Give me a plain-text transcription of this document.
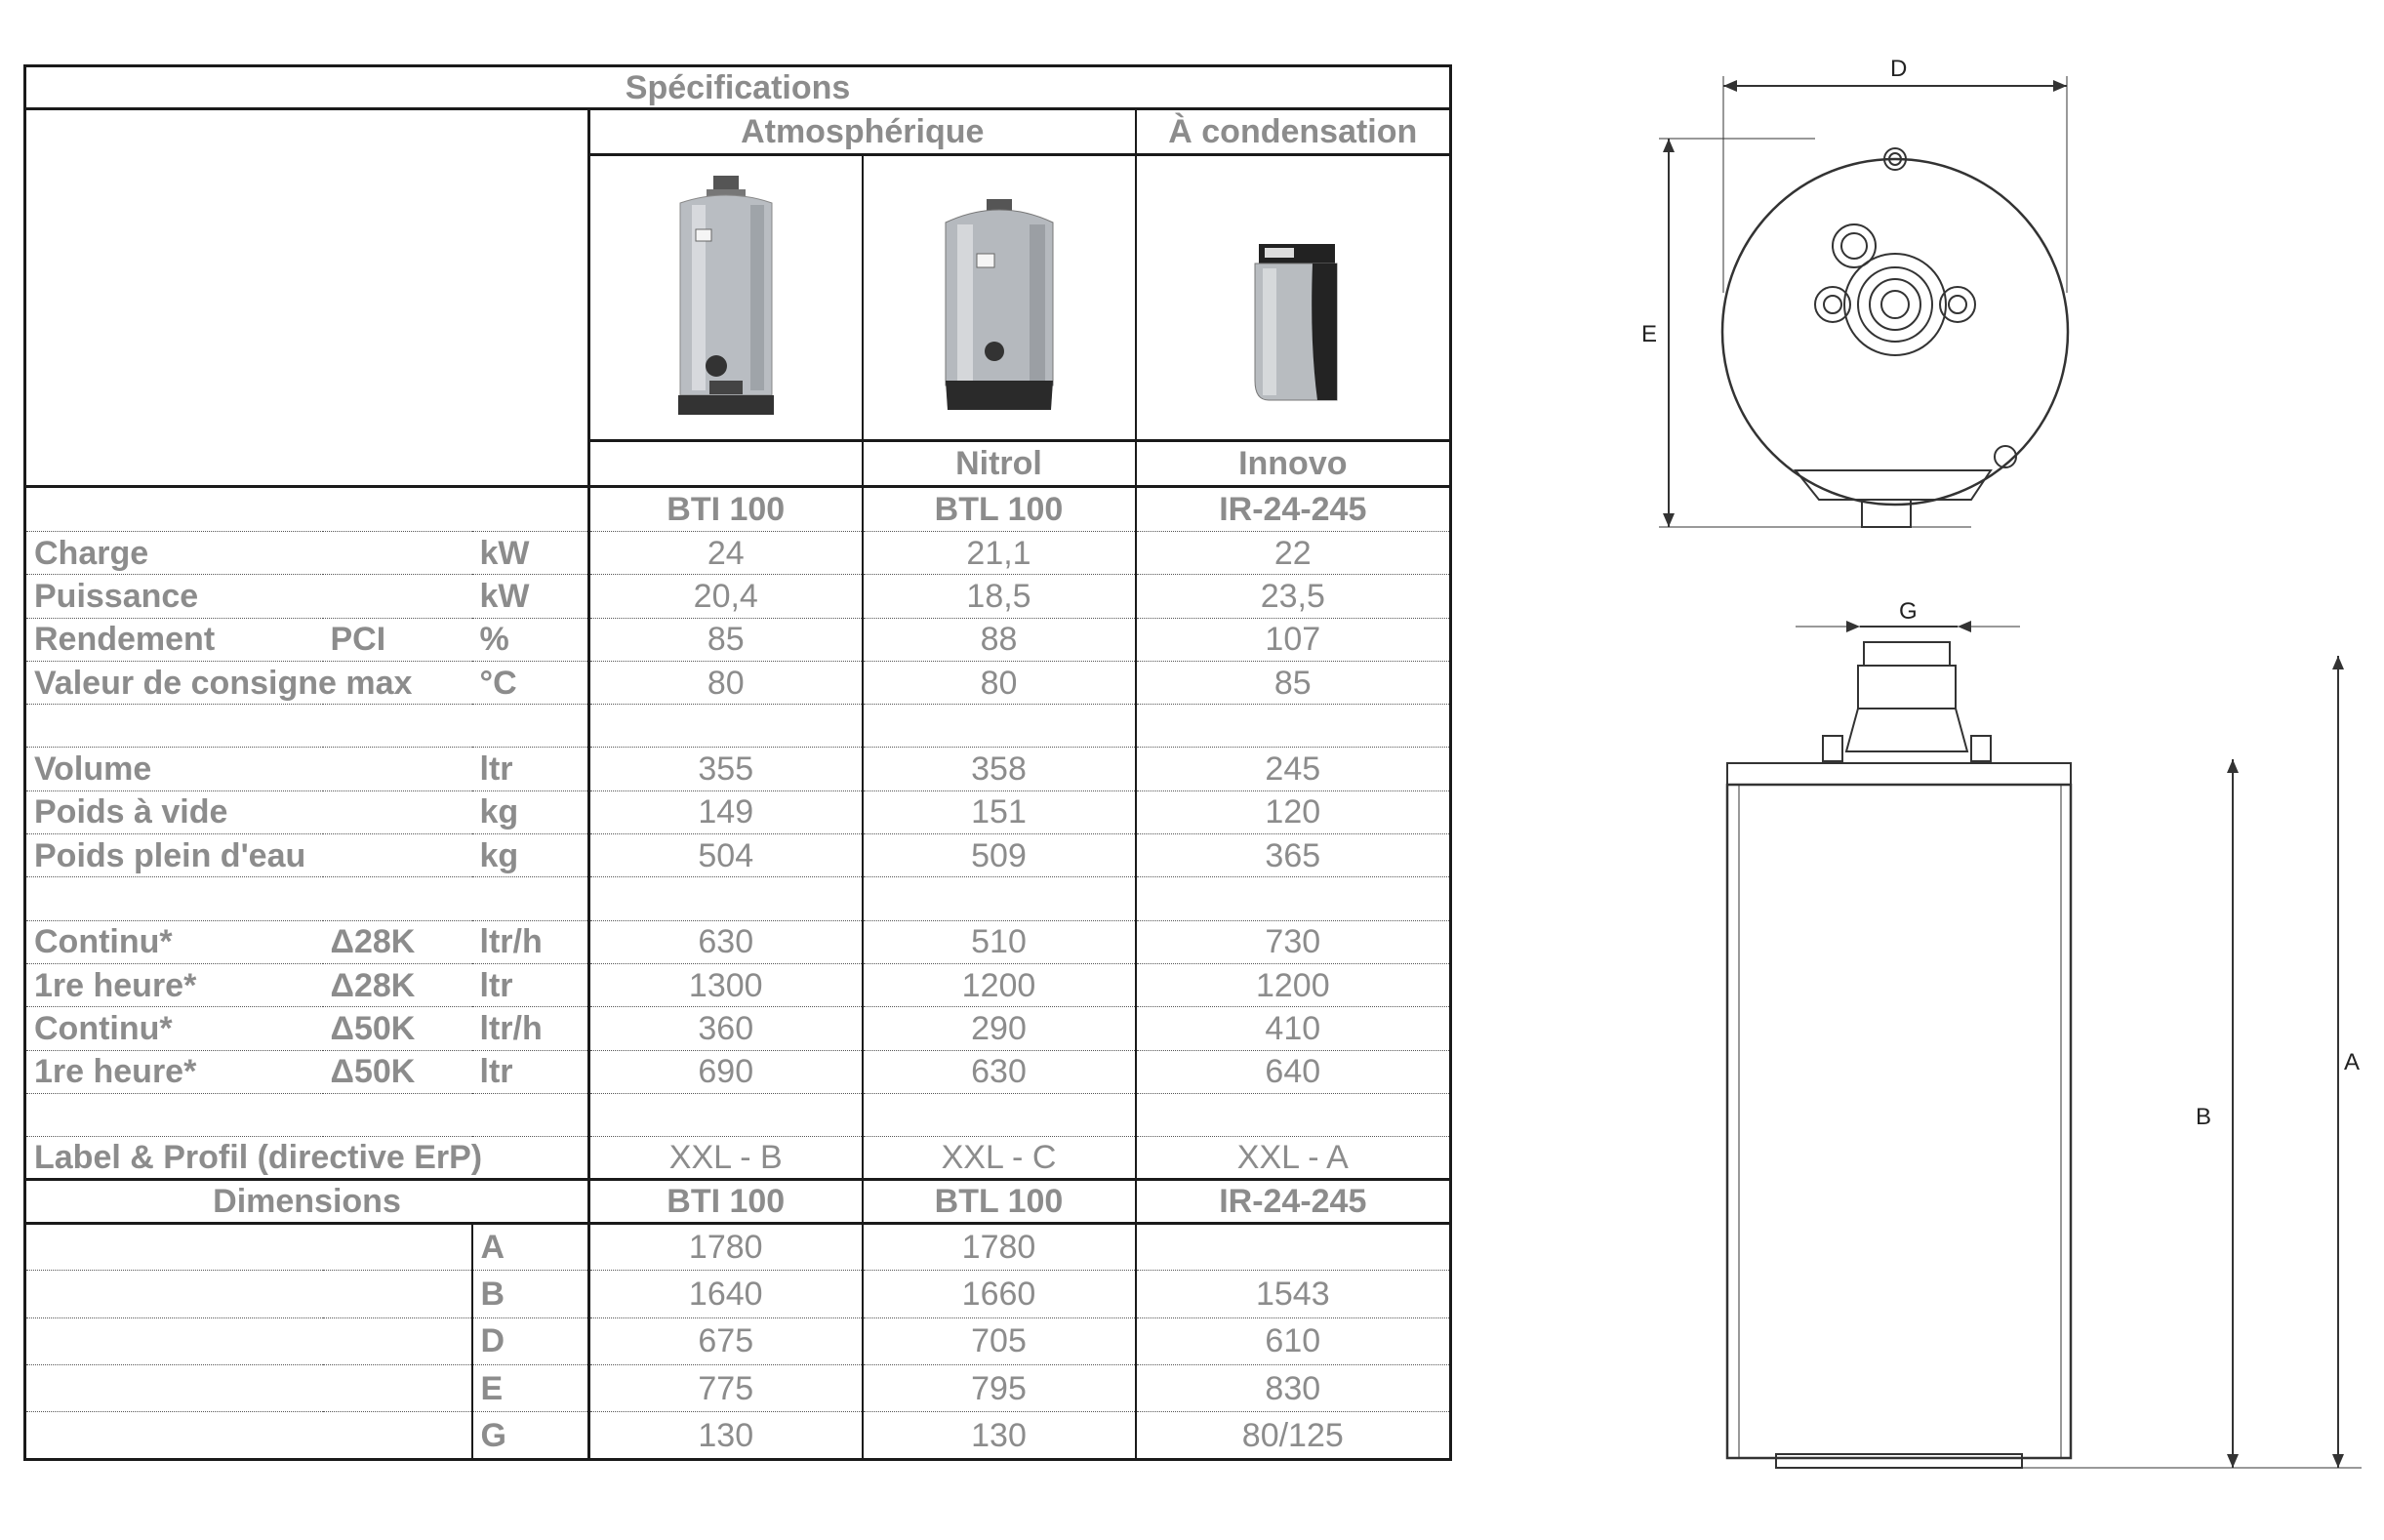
Spécifications					
			Atmosphérique		À condensation

				Nitrol	Innovo
			BTI 100	BTL 100	IR-24-245
Charge		kW	24	21,1	22
Puissance		kW	20,4	18,5	23,5
Rendement	PCI	%	85	88	107
Valeur de consigne max		°C	80	80	85

Volume		ltr	355	358	245
Poids à vide		kg	149	151	120
Poids plein d'eau		kg	504	509	365

Continu*	Δ28K	ltr/h	630	510	730
1re heure*	Δ28K	ltr	1300	1200	1200
Continu*	Δ50K	ltr/h	360	290	410
1re heure*	Δ50K	ltr	690	630	640

Label & Profil (directive ErP)			XXL - B	XXL - C	XXL - A
Dimensions			BTI 100	BTL 100	IR-24-245
		A	1780	1780	
		B	1640	1660	1543
		D	675	705	610
		E	775	795	830
		G	130	130	80/125
D
E
G
B
A
